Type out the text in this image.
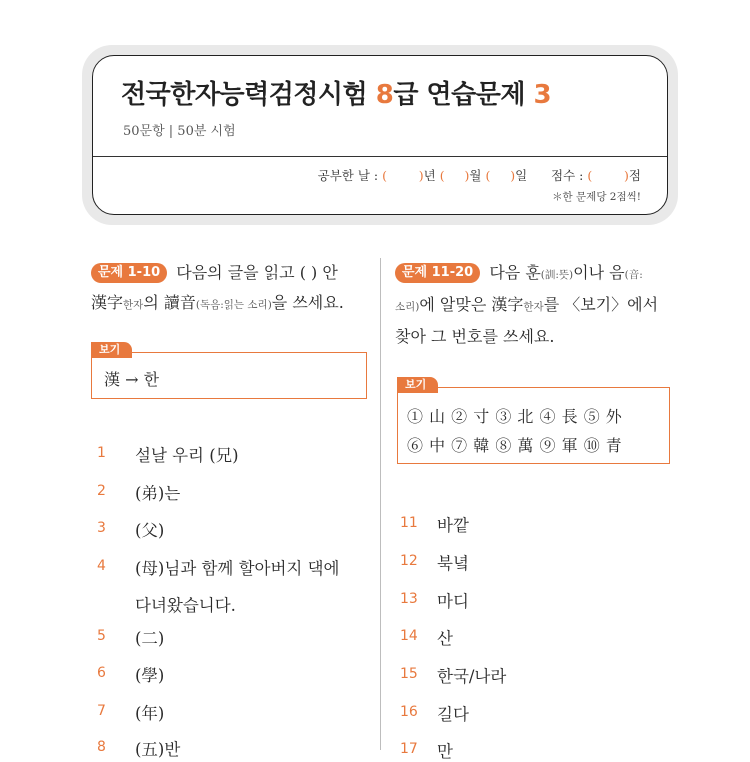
전국한자능력검정시험 8급 연습문제 3
50문항 | 50분 시험
공부한 날 : (	)년 ( )월 ( )일 점수 : (	)점
＊한 문제당 2점씩!
문제 1-10 다음의 글을 읽고 ( ) 안
漢字한자의 讀音(독음:읽는 소리)을 쓰세요.
보기
漢 → 한
1 설날 우리 (兄)
2 (弟)는
3 (父)
4 (母)님과 함께 할아버지 댁에
다녀왔습니다.
5 (二)
6 (學)
7 (年)
8 (五)반
문제 11-20 다음 훈(訓:뜻)이나 음(音:
소리)에 알맞은 漢字한자를 〈보기〉에서
찾아 그 번호를 쓰세요.
보기
① 山 ② 寸 ③ 北 ④ 長 ⑤ 外
⑥ 中 ⑦ 韓 ⑧ 萬 ⑨ 軍 ⑩ 青
11 바깥
12 북녘
13 마디
14 산
15 한국/나라
16 길다
17 만
